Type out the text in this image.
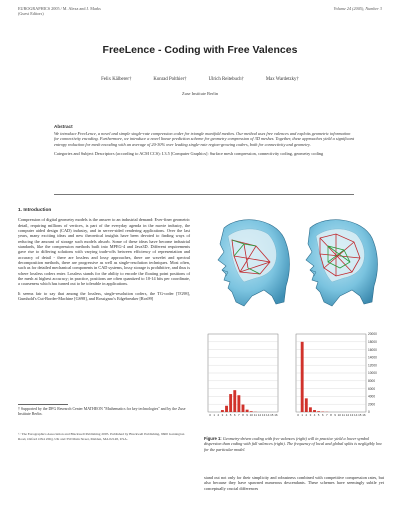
EUROGRAPHICS 2005 / M. Alexa and J. Marks
(Guest Editors)
Volume 24 (2005), Number 3
FreeLence - Coding with Free Valences
Felix Kälberer†	Konrad Polthier†	Ulrich Reitebuch†	Max Wardetzky†
Zuse Institute Berlin
Abstract
We introduce FreeLence, a novel and simple single-rate compression coder for triangle manifold meshes. Our method uses free valences and exploits geometric information for connectivity encoding. Furthermore, we introduce a novel linear prediction scheme for geometry compression of 3D meshes. Together, these approaches yield a significant entropy reduction for mesh encoding with an average of 20-30% over leading single-rate region-growing coders, both for connectivity and geometry.
Categories and Subject Descriptors (according to ACM CCS): I.3.5 [Computer Graphics]: Surface mesh compression, connectivity coding, geometry coding
1. Introduction
Compression of digital geometry models is the answer to an industrial demand: Ever-finer geometric detail, requiring millions of vertices, is part of the everyday agenda in the movie industry, the computer aided design (CAD) industry, and in server-sided rendering applications. Over the last years, many exciting ideas and new theoretical insights have been devoted to finding ways of reducing the amount of storage such models absorb. Some of these ideas have become industrial standards, like the compression methods built into MPEG-4 and Java3D. Different requirements gave rise to differing solutions with varying trade-offs between efficiency of representation and accuracy of detail - there are lossless and lossy approaches, there are wavelet and spectral decomposition methods, there are progressive as well as single-resolution techniques. Most often, such as for detailed mechanical components in CAD systems, lossy storage is prohibitive, and thus is where lossless coders enter. Lossless stands for the ability to encode the floating point positions of the mesh at highest accuracy; in practice, positions are often quantized to 10-14 bits per coordinate, a coarseness which has turned out to be tolerable in applications.
It seems fair to say that among the lossless, single-resolution coders, the TG-coder [TG98], Gumhold's Cut-Border-Machine [GS98], and Rossignac's Edgebreaker [Ros99]
† Supported by the DFG Research Center MATHEON "Mathematics for key technologies" and by the Zuse Institute Berlin.
© The Eurographics Association and Blackwell Publishing 2005. Published by Blackwell Publishing, 9600 Garsington Road, Oxford OX4 2DQ, UK and 350 Main Street, Malden, MA 02148, USA.
0 1 2 3 4 5 6 7 8 9 10 11 12 13 14 15 16
0
2000
4000
6000
8000
10000
12000
14000
16000
18000
20000
0 1 2 3 4 5 6 7 8 9 10 11 12 13 14 15 16
Figure 1: Geometry-driven coding with free valences (right) will in practice yield a lower symbol dispersion than coding with full valences (right). The frequency of local and global splits is negligibly low for the particular model.
stand out not only for their simplicity and robustness combined with competitive compression rates, but also because they have spawned numerous descendants. These schemes have seemingly subtle yet conceptually crucial differences
